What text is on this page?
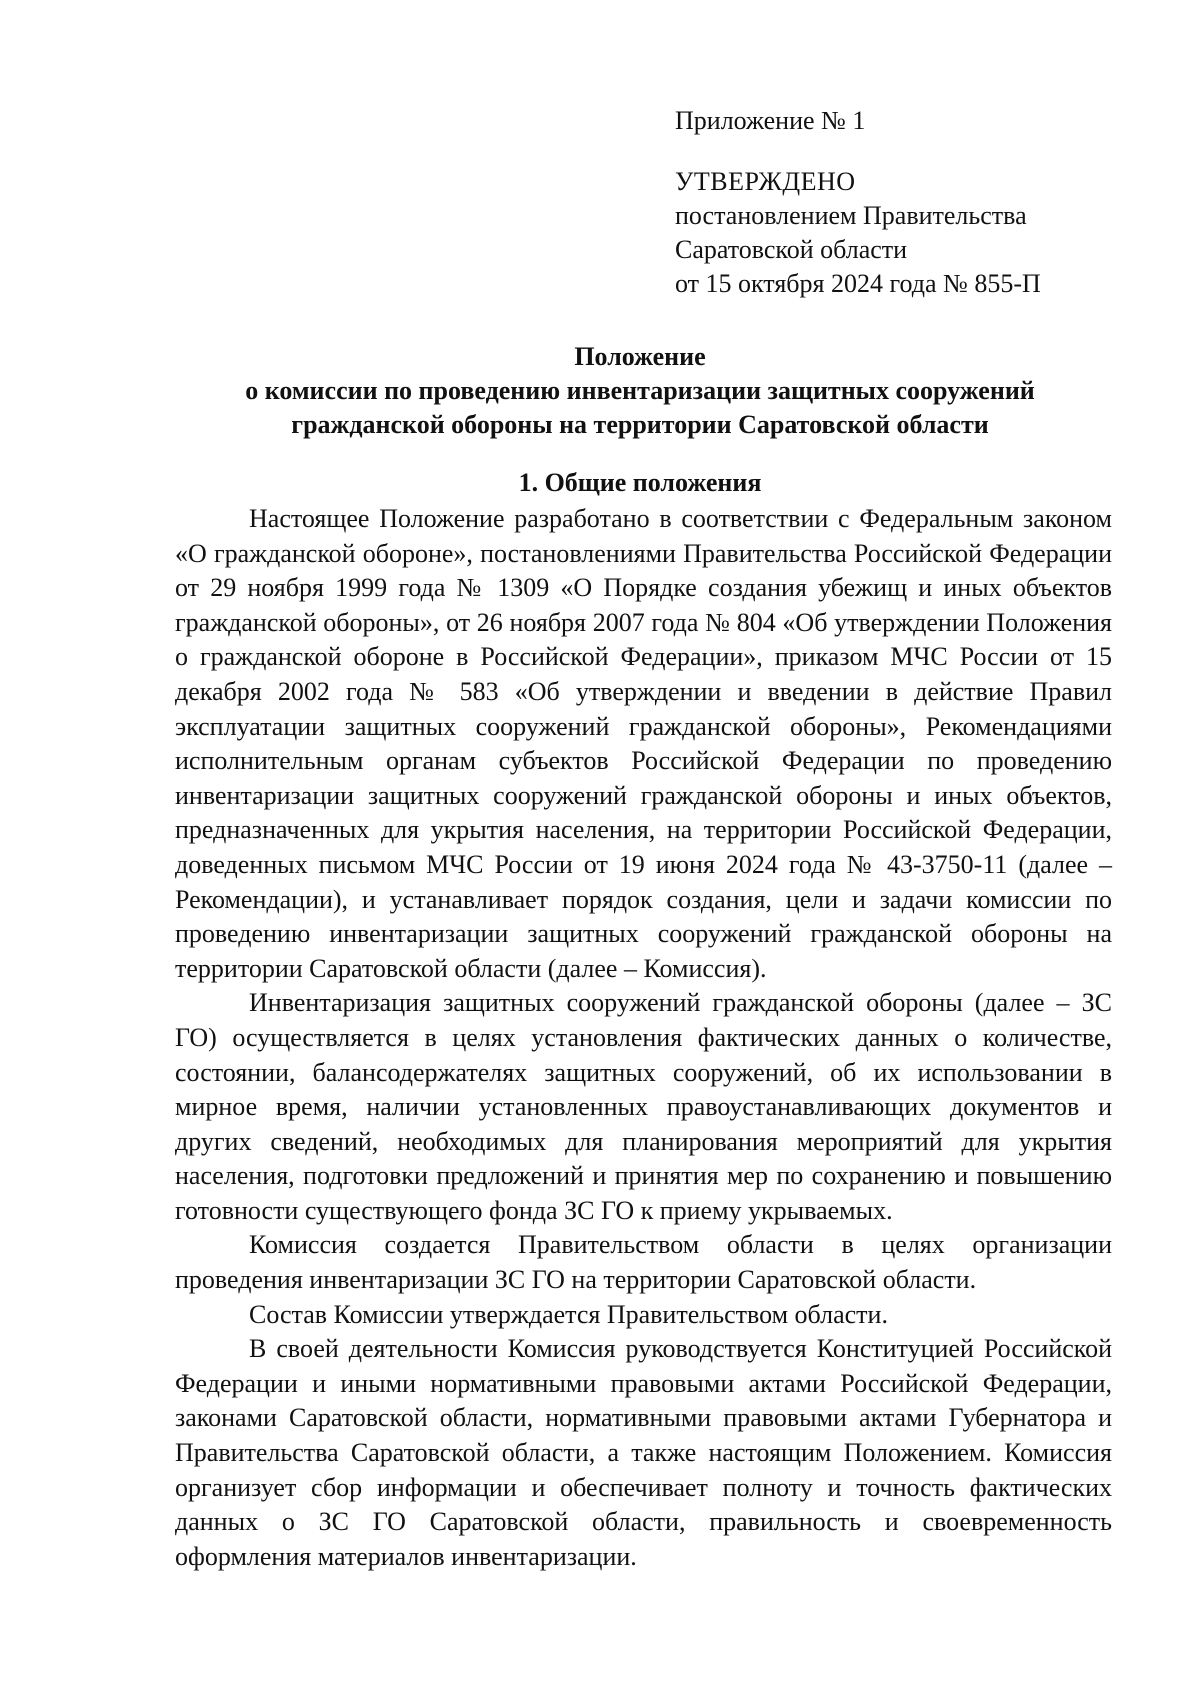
Приложение № 1

УТВЕРЖДЕНО

постановлением Правительства

Саратовской области

от 15 октября 2024 года № 855-П

Положение

о комиссии по проведению инвентаризации защитных сооружений

гражданской обороны на территории Саратовской области

1. Общие положения

Настоящее Положение разработано в соответствии с Федеральным законом «О гражданской обороне», постановлениями Правительства Российской Федерации от 29 ноября 1999 года № 1309 «О Порядке создания убежищ и иных объектов гражданской обороны», от 26 ноября 2007 года № 804 «Об утверждении Положения о гражданской обороне в Российской Федерации», приказом МЧС России от 15 декабря 2002 года № 583 «Об утверждении и введении в действие Правил эксплуатации защитных сооружений гражданской обороны», Рекомендациями исполнительным органам субъектов Российской Федерации по проведению инвентаризации защитных сооружений гражданской обороны и иных объектов, предназначенных для укрытия населения, на территории Российской Федерации, доведенных письмом МЧС России от 19 июня 2024 года № 43-3750-11 (далее – Рекомендации), и устанавливает порядок создания, цели и задачи комиссии по проведению инвентаризации защитных сооружений гражданской обороны на территории Саратовской области (далее – Комиссия).

Инвентаризация защитных сооружений гражданской обороны (далее – ЗС ГО) осуществляется в целях установления фактических данных о количестве, состоянии, балансодержателях защитных сооружений, об их использовании в мирное время, наличии установленных правоустанавливающих документов и других сведений, необходимых для планирования мероприятий для укрытия населения, подготовки предложений и принятия мер по сохранению и повышению готовности существующего фонда ЗС ГО к приему укрываемых.

Комиссия создается Правительством области в целях организации проведения инвентаризации ЗС ГО на территории Саратовской области.

Состав Комиссии утверждается Правительством области.

В своей деятельности Комиссия руководствуется Конституцией Российской Федерации и иными нормативными правовыми актами Российской Федерации, законами Саратовской области, нормативными правовыми актами Губернатора и Правительства Саратовской области, а также настоящим Положением. Комиссия организует сбор информации и обеспечивает полноту и точность фактических данных о ЗС ГО Саратовской области, правильность и своевременность оформления материалов инвентаризации.
